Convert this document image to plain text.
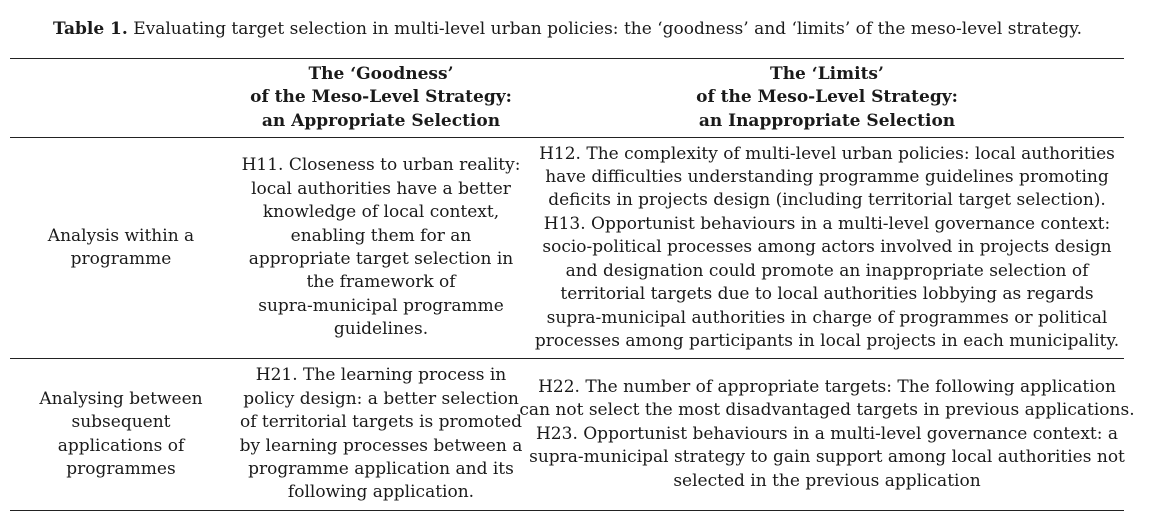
Table 1. Evaluating target selection in multi-level urban policies: the ‘goodness’ and ‘limits’ of the meso-level strategy.
The ‘Goodness’
of the Meso-Level Strategy:
an Appropriate Selection
The ‘Limits’
of the Meso-Level Strategy:
an Inappropriate Selection
Analysis within a
programme
H11. Closeness to urban reality:
local authorities have a better
knowledge of local context,
enabling them for an
appropriate target selection in
the framework of
supra-municipal programme
guidelines.
H12. The complexity of multi-level urban policies: local authorities
have difficulties understanding programme guidelines promoting
deficits in projects design (including territorial target selection).
H13. Opportunist behaviours in a multi-level governance context:
socio-political processes among actors involved in projects design
and designation could promote an inappropriate selection of
territorial targets due to local authorities lobbying as regards
supra-municipal authorities in charge of programmes or political
processes among participants in local projects in each municipality.
Analysing between
subsequent
applications of
programmes
H21. The learning process in
policy design: a better selection
of territorial targets is promoted
by learning processes between a
programme application and its
following application.
H22. The number of appropriate targets: The following application
can not select the most disadvantaged targets in previous applications.
H23. Opportunist behaviours in a multi-level governance context: a
supra-municipal strategy to gain support among local authorities not
selected in the previous application
